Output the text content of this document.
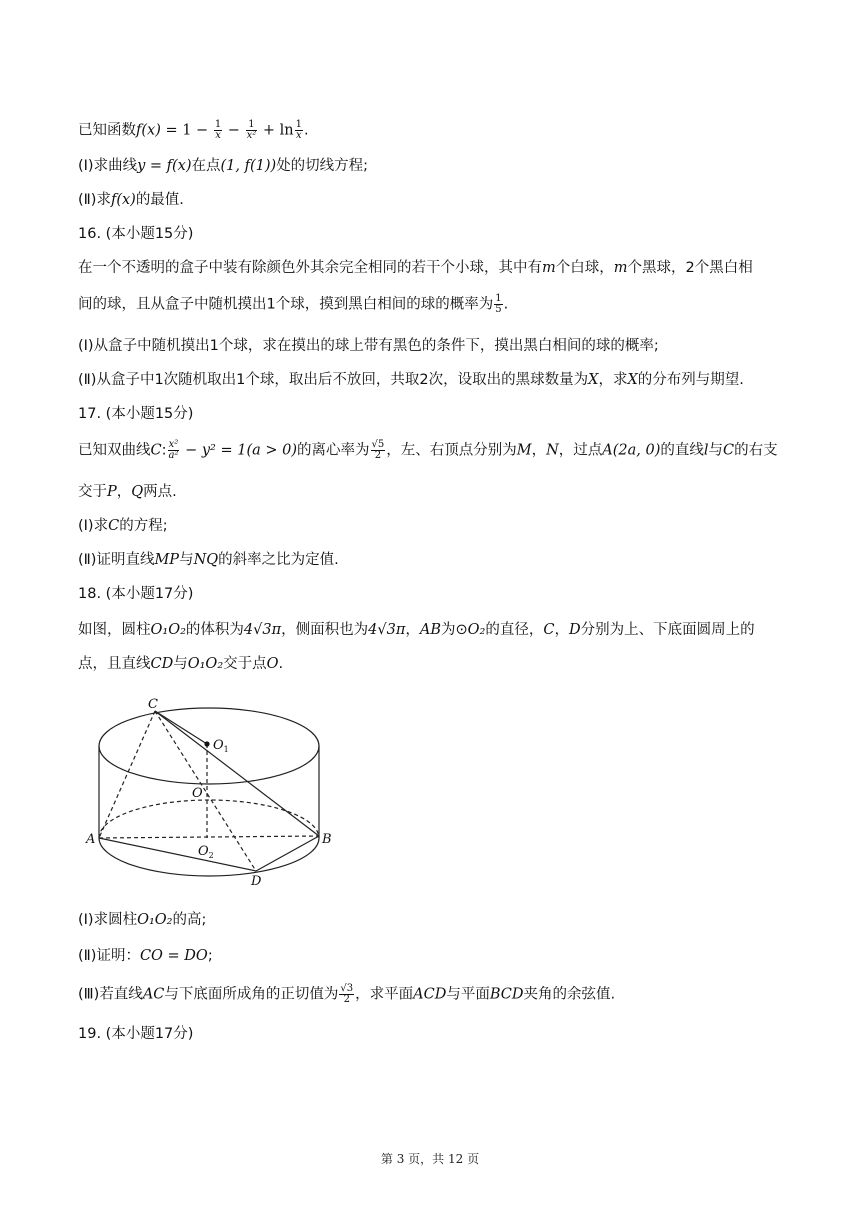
已知函数$f(x) = 1 - \frac{1}{x} - \frac{1}{\text{x²}} + \ln \frac{1}{x}$ .
(Ⅰ)求曲线y = f(x)在点(1, f(1))处的切线方程;
(Ⅱ)求f(x)的最值.
16. (本小题15分)
在一个不透明的盒子中装有除颜色外其余完全相同的若干个小球，其中有m个白球，m个黑球，2个黑白相
间的球，且从盒子中随机摸出1个球，摸到黑白相间的球的概率为 $\frac{1}{5}$ .
(Ⅰ)从盒子中随机摸出1个球，求在摸出的球上带有黑色的条件下，摸出黑白相间的球的概率;
(Ⅱ)从盒子中1次随机取出1个球，取出后不放回，共取2次，设取出的黑球数量为X，求X的分布列与期望.
17. (本小题15分)
已知双曲线C: $\frac{\text{x²}}{\text{a²}} - y^2 = 1(a > 0)$的离心率为 $\frac{√5}{2}$ ，左、右顶点分别为M，N，过点A(2a, 0)的直线l与C的右支
交于P，Q两点.
(Ⅰ)求C的方程;
(Ⅱ)证明直线MP与NQ的斜率之比为定值.
18. (本小题17分)
如图，圆柱O₁O₂的体积为4√3π，侧面积也为4√3π，AB为⊙O₂的直径，C，D分别为上、下底面圆周上的
点，且直线CD与O₁O₂交于点O.
C
$O_1$
O
A	B
$O_2$
D
(Ⅰ)求圆柱O₁O₂的高;
(Ⅱ)证明：CO = DO;
(Ⅲ)若直线AC与下底面所成角的正切值为 $\frac{√3}{2}$ ，求平面ACD与平面BCD夹角的余弦值.
19. (本小题17分)
第 3 页，共 12 页
